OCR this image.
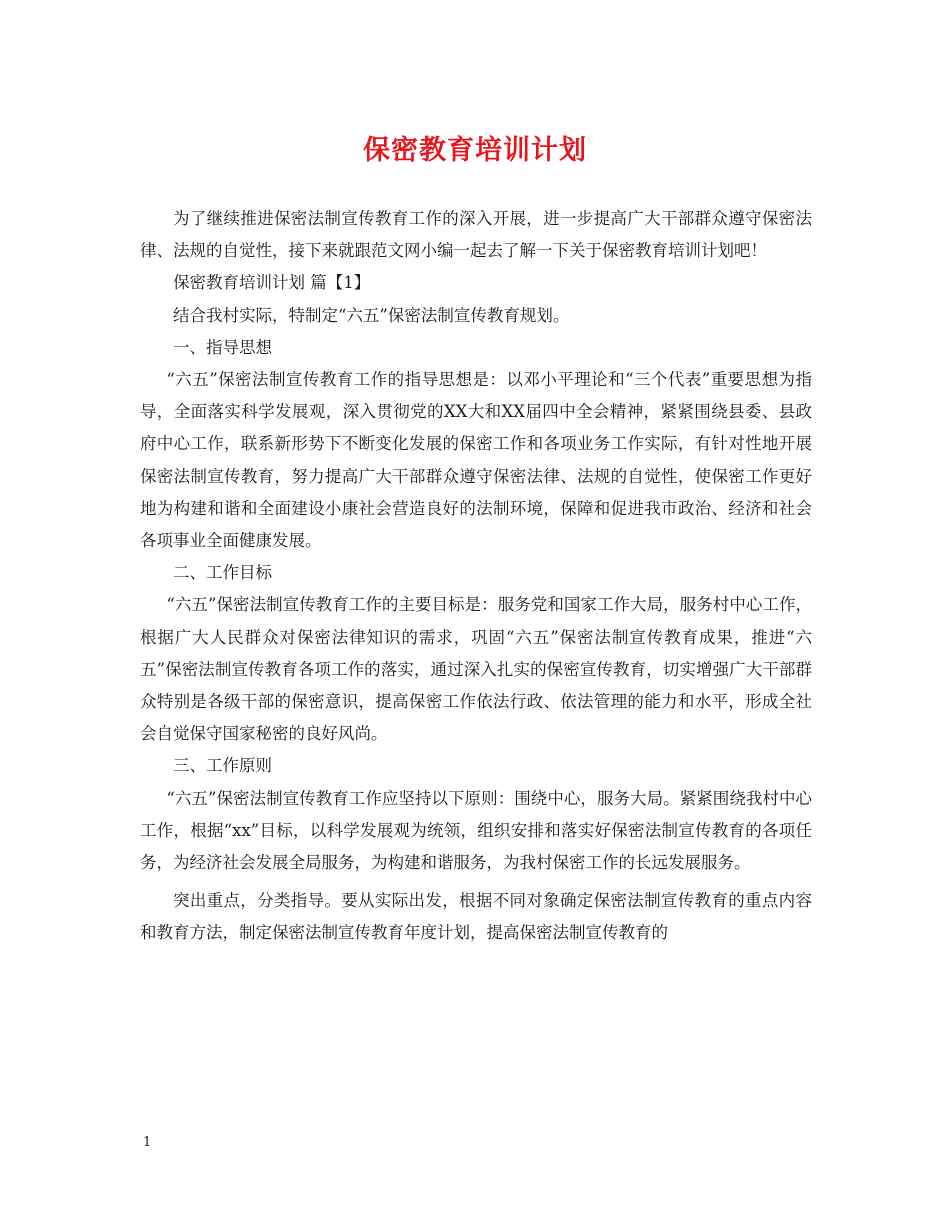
保密教育培训计划

为了继续推进保密法制宣传教育工作的深入开展，进一步提高广大干部群众遵守保密法律、法规的自觉性，接下来就跟范文网小编一起去了解一下关于保密教育培训计划吧！

保密教育培训计划 篇【1】

结合我村实际，特制定“六五”保密法制宣传教育规划。

一、指导思想

“六五”保密法制宣传教育工作的指导思想是：以邓小平理论和“三个代表”重要思想为指导，全面落实科学发展观，深入贯彻党的XX大和XX届四中全会精神，紧紧围绕县委、县政府中心工作，联系新形势下不断变化发展的保密工作和各项业务工作实际，有针对性地开展保密法制宣传教育，努力提高广大干部群众遵守保密法律、法规的自觉性，使保密工作更好地为构建和谐和全面建设小康社会营造良好的法制环境，保障和促进我市政治、经济和社会各项事业全面健康发展。

二、工作目标

“六五”保密法制宣传教育工作的主要目标是：服务党和国家工作大局，服务村中心工作，根据广大人民群众对保密法律知识的需求，巩固“六五”保密法制宣传教育成果，推进“六五”保密法制宣传教育各项工作的落实，通过深入扎实的保密宣传教育，切实增强广大干部群众特别是各级干部的保密意识，提高保密工作依法行政、依法管理的能力和水平，形成全社会自觉保守国家秘密的良好风尚。

三、工作原则

“六五”保密法制宣传教育工作应坚持以下原则：围绕中心，服务大局。紧紧围绕我村中心工作，根据“xx”目标，以科学发展观为统领，组织安排和落实好保密法制宣传教育的各项任务，为经济社会发展全局服务，为构建和谐服务，为我村保密工作的长远发展服务。

突出重点，分类指导。要从实际出发，根据不同对象确定保密法制宣传教育的重点内容和教育方法，制定保密法制宣传教育年度计划，提高保密法制宣传教育的

1
